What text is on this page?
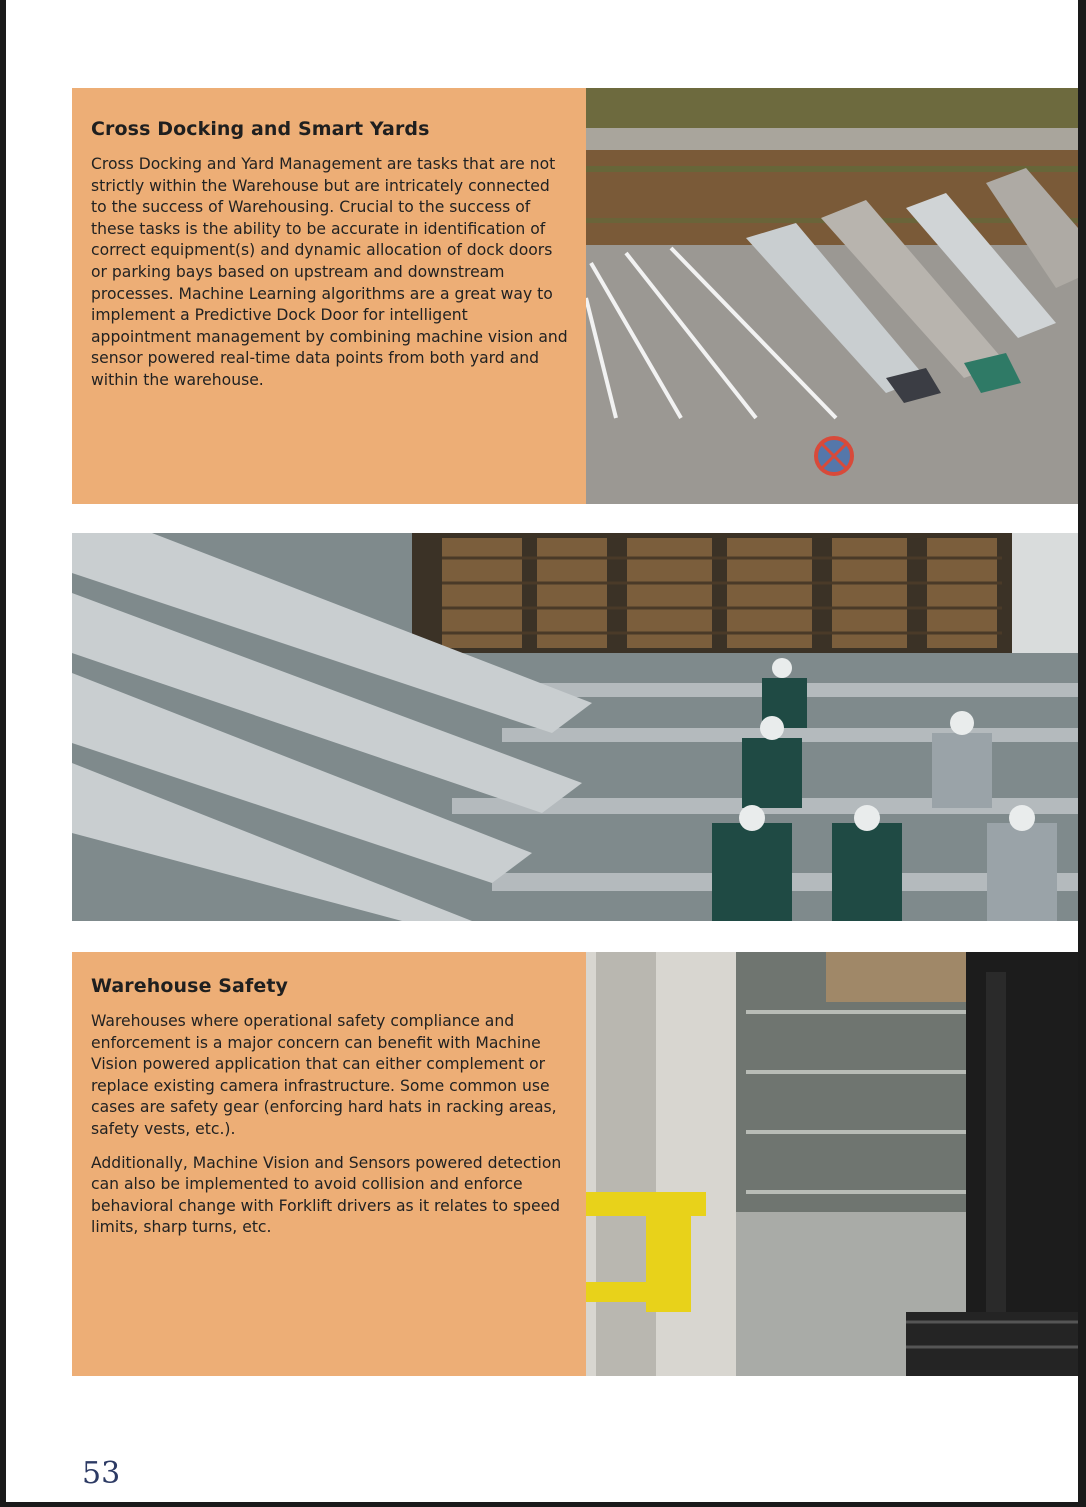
Cross Docking and Smart Yards

Cross Docking and Yard Management are tasks that are not strictly within the Warehouse but are intricately connected to the success of Warehousing. Crucial to the success of these tasks is the ability to be accurate in identification of correct equipment(s) and dynamic allocation of dock doors or parking bays based on upstream and downstream processes. Machine Learning algorithms are a great way to implement a Predictive Dock Door for intelligent appointment management by combining machine vision and sensor powered real-time data points from both yard and within the warehouse.

Warehouse Safety

Warehouses where operational safety compliance and enforcement is a major concern can benefit with Machine Vision powered application that can either complement or replace existing camera infrastructure. Some common use cases are safety gear (enforcing hard hats in racking areas, safety vests, etc.).

Additionally, Machine Vision and Sensors powered detection can also be implemented to avoid collision and enforce behavioral change with Forklift drivers as it relates to speed limits, sharp turns, etc.

53
